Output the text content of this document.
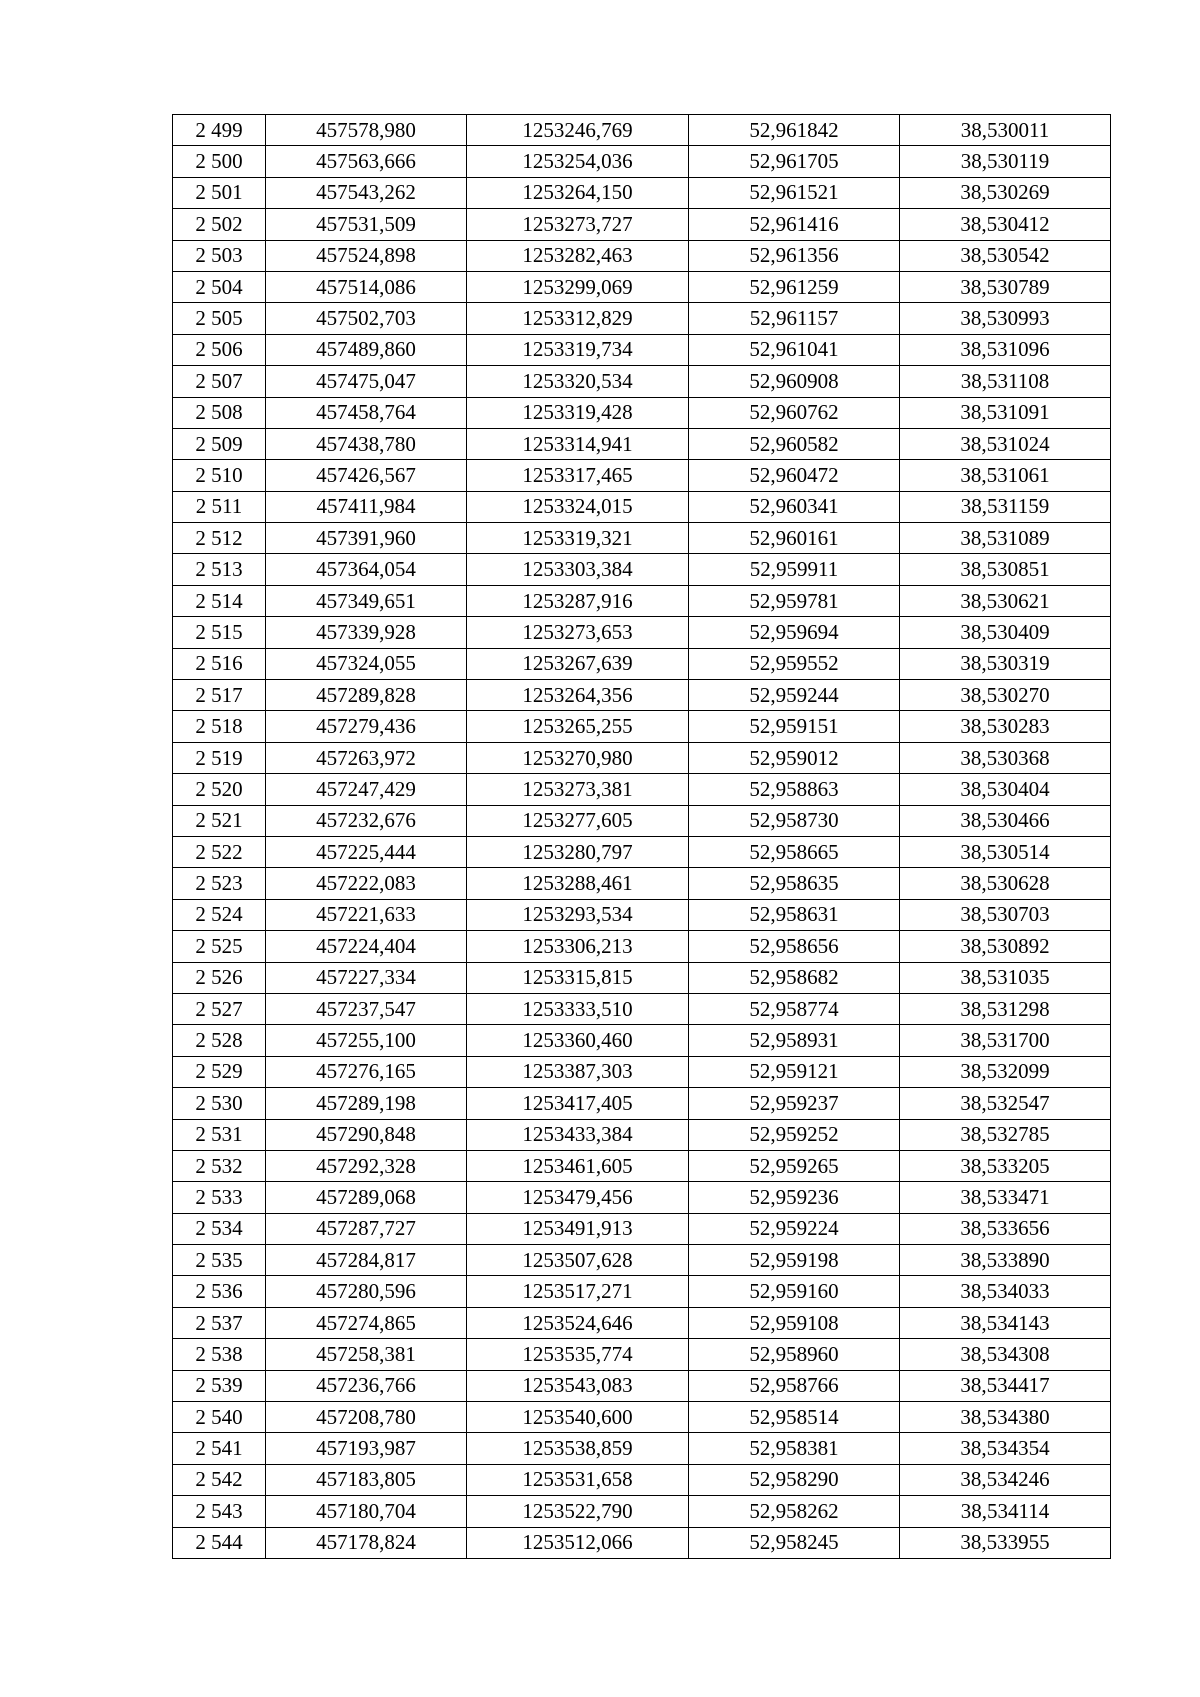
2 499	457578,980	1253246,769	52,961842	38,530011
2 500	457563,666	1253254,036	52,961705	38,530119
2 501	457543,262	1253264,150	52,961521	38,530269
2 502	457531,509	1253273,727	52,961416	38,530412
2 503	457524,898	1253282,463	52,961356	38,530542
2 504	457514,086	1253299,069	52,961259	38,530789
2 505	457502,703	1253312,829	52,961157	38,530993
2 506	457489,860	1253319,734	52,961041	38,531096
2 507	457475,047	1253320,534	52,960908	38,531108
2 508	457458,764	1253319,428	52,960762	38,531091
2 509	457438,780	1253314,941	52,960582	38,531024
2 510	457426,567	1253317,465	52,960472	38,531061
2 511	457411,984	1253324,015	52,960341	38,531159
2 512	457391,960	1253319,321	52,960161	38,531089
2 513	457364,054	1253303,384	52,959911	38,530851
2 514	457349,651	1253287,916	52,959781	38,530621
2 515	457339,928	1253273,653	52,959694	38,530409
2 516	457324,055	1253267,639	52,959552	38,530319
2 517	457289,828	1253264,356	52,959244	38,530270
2 518	457279,436	1253265,255	52,959151	38,530283
2 519	457263,972	1253270,980	52,959012	38,530368
2 520	457247,429	1253273,381	52,958863	38,530404
2 521	457232,676	1253277,605	52,958730	38,530466
2 522	457225,444	1253280,797	52,958665	38,530514
2 523	457222,083	1253288,461	52,958635	38,530628
2 524	457221,633	1253293,534	52,958631	38,530703
2 525	457224,404	1253306,213	52,958656	38,530892
2 526	457227,334	1253315,815	52,958682	38,531035
2 527	457237,547	1253333,510	52,958774	38,531298
2 528	457255,100	1253360,460	52,958931	38,531700
2 529	457276,165	1253387,303	52,959121	38,532099
2 530	457289,198	1253417,405	52,959237	38,532547
2 531	457290,848	1253433,384	52,959252	38,532785
2 532	457292,328	1253461,605	52,959265	38,533205
2 533	457289,068	1253479,456	52,959236	38,533471
2 534	457287,727	1253491,913	52,959224	38,533656
2 535	457284,817	1253507,628	52,959198	38,533890
2 536	457280,596	1253517,271	52,959160	38,534033
2 537	457274,865	1253524,646	52,959108	38,534143
2 538	457258,381	1253535,774	52,958960	38,534308
2 539	457236,766	1253543,083	52,958766	38,534417
2 540	457208,780	1253540,600	52,958514	38,534380
2 541	457193,987	1253538,859	52,958381	38,534354
2 542	457183,805	1253531,658	52,958290	38,534246
2 543	457180,704	1253522,790	52,958262	38,534114
2 544	457178,824	1253512,066	52,958245	38,533955
